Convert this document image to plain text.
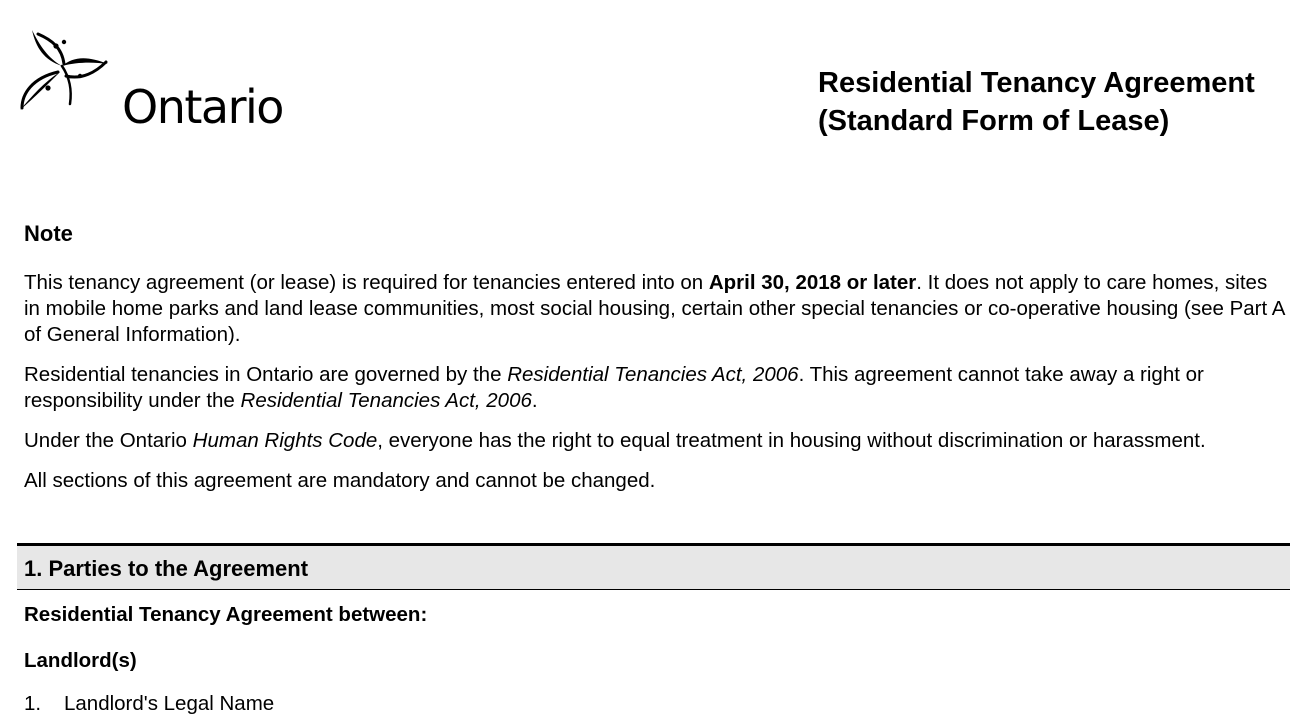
Ontario	Residential Tenancy Agreement
(Standard Form of Lease)
Note

This tenancy agreement (or lease) is required for tenancies entered into on April 30, 2018 or later. It does not apply to care homes, sites in mobile home parks and land lease communities, most social housing, certain other special tenancies or co-operative housing (see Part A of General Information).

Residential tenancies in Ontario are governed by the Residential Tenancies Act, 2006. This agreement cannot take away a right or responsibility under the Residential Tenancies Act, 2006.

Under the Ontario Human Rights Code, everyone has the right to equal treatment in housing without discrimination or harassment.

All sections of this agreement are mandatory and cannot be changed.

1. Parties to the Agreement
Residential Tenancy Agreement between:
Landlord(s)
1. Landlord's Legal Name
